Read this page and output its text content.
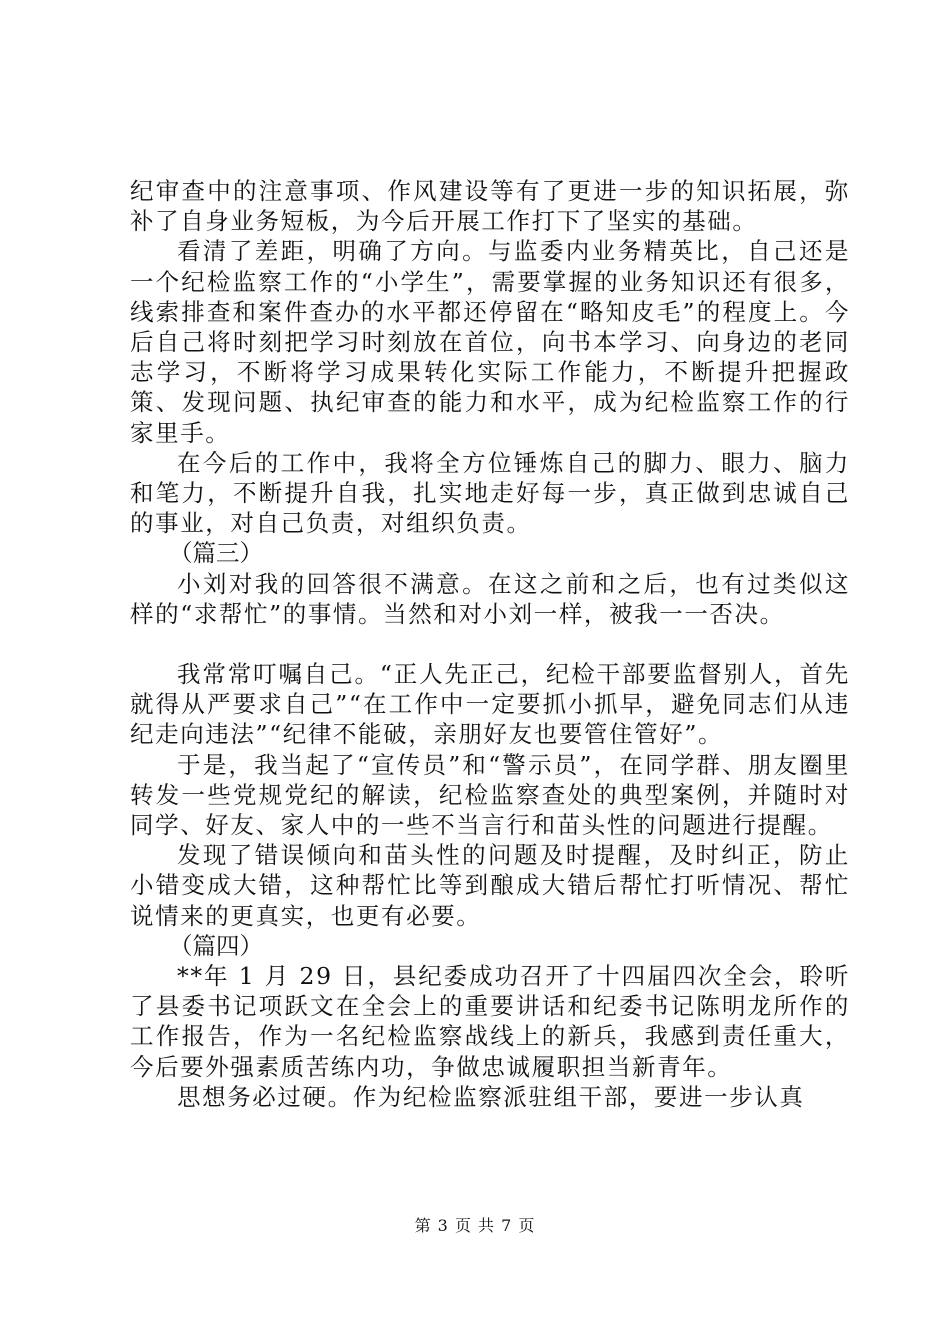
纪审查中的注意事项、作风建设等有了更进一步的知识拓展，弥补了自身业务短板，为今后开展工作打下了坚实的基础。

看清了差距，明确了方向。与监委内业务精英比，自己还是一个纪检监察工作的“小学生”，需要掌握的业务知识还有很多，线索排查和案件查办的水平都还停留在“略知皮毛”的程度上。今后自己将时刻把学习时刻放在首位，向书本学习、向身边的老同志学习，不断将学习成果转化实际工作能力，不断提升把握政策、发现问题、执纪审查的能力和水平，成为纪检监察工作的行家里手。

在今后的工作中，我将全方位锤炼自己的脚力、眼力、脑力和笔力，不断提升自我，扎实地走好每一步，真正做到忠诚自己的事业，对自己负责，对组织负责。

（篇三）

小刘对我的回答很不满意。在这之前和之后，也有过类似这样的“求帮忙”的事情。当然和对小刘一样，被我一一否决。

我常常叮嘱自己。“正人先正己，纪检干部要监督别人，首先就得从严要求自己”“在工作中一定要抓小抓早，避免同志们从违纪走向违法”“纪律不能破，亲朋好友也要管住管好”。

于是，我当起了“宣传员”和“警示员”，在同学群、朋友圈里转发一些党规党纪的解读，纪检监察查处的典型案例，并随时对同学、好友、家人中的一些不当言行和苗头性的问题进行提醒。

发现了错误倾向和苗头性的问题及时提醒，及时纠正，防止小错变成大错，这种帮忙比等到酿成大错后帮忙打听情况、帮忙说情来的更真实，也更有必要。

（篇四）

**年 1 月 29 日，县纪委成功召开了十四届四次全会，聆听了县委书记项跃文在全会上的重要讲话和纪委书记陈明龙所作的工作报告，作为一名纪检监察战线上的新兵，我感到责任重大，今后要外强素质苦练内功，争做忠诚履职担当新青年。

思想务必过硬。作为纪检监察派驻组干部，要进一步认真

第 3 页 共 7 页
